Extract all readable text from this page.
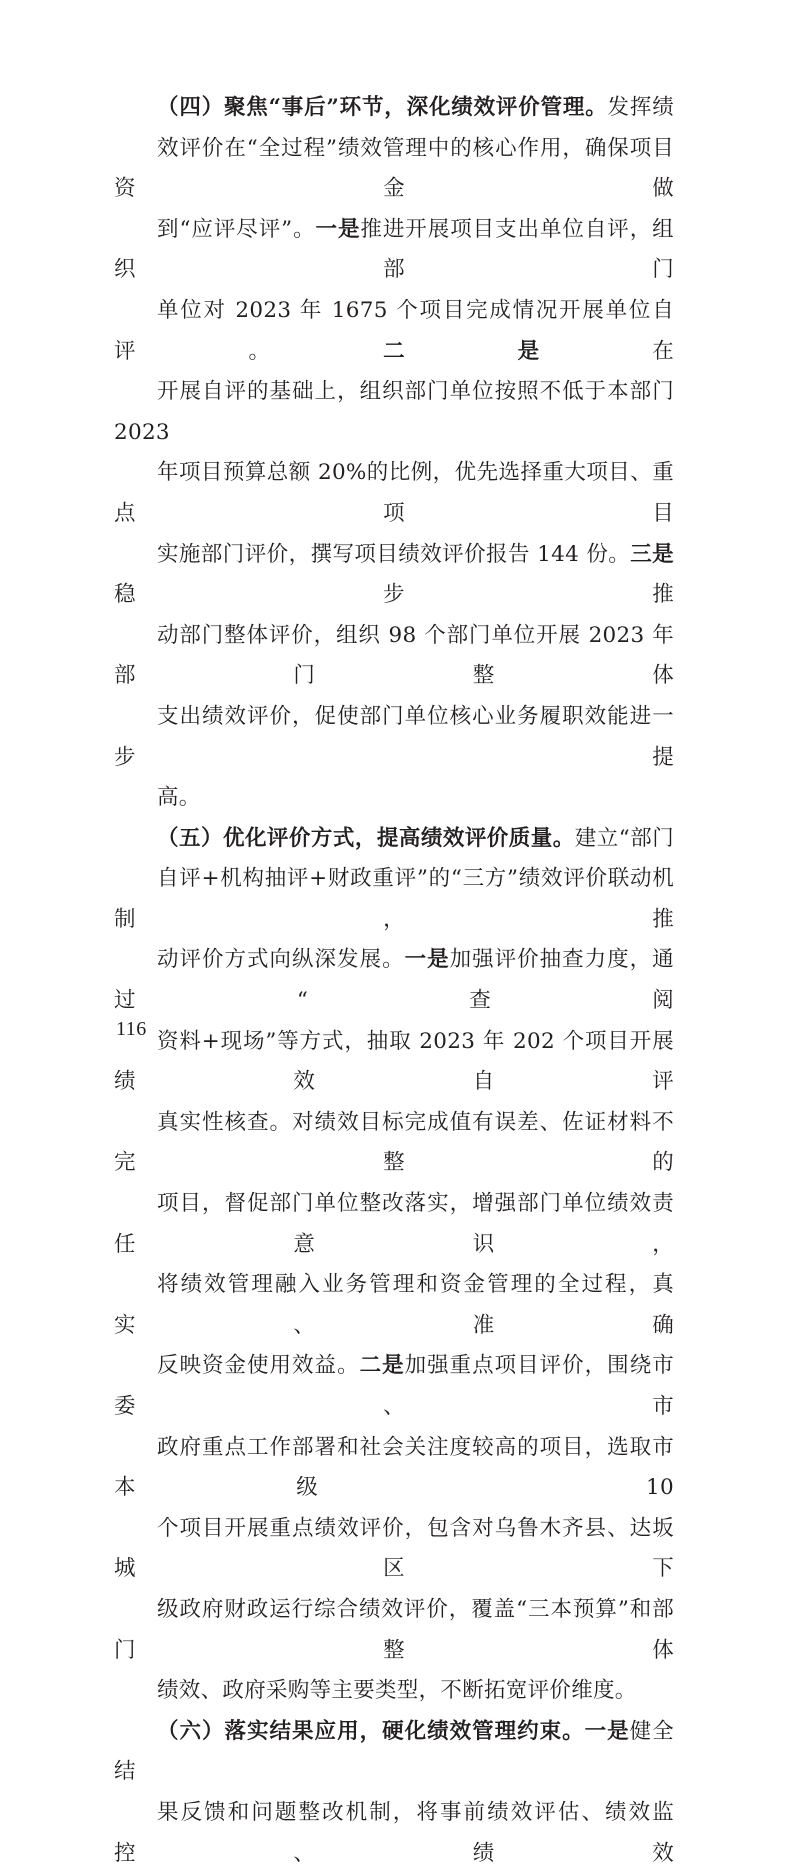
（四）聚焦“事后”环节，深化绩效评价管理。发挥绩
效评价在“全过程”绩效管理中的核心作用，确保项目资金做
到“应评尽评”。一是推进开展项目支出单位自评，组织部门
单位对 2023 年 1675 个项目完成情况开展单位自评。二是在
开展自评的基础上，组织部门单位按照不低于本部门 2023
年项目预算总额 20%的比例，优先选择重大项目、重点项目
实施部门评价，撰写项目绩效评价报告 144 份。三是稳步推
动部门整体评价，组织 98 个部门单位开展 2023 年部门整体
支出绩效评价，促使部门单位核心业务履职效能进一步提
高。
（五）优化评价方式，提高绩效评价质量。建立“部门
自评+机构抽评+财政重评”的“三方”绩效评价联动机制，推
动评价方式向纵深发展。一是加强评价抽查力度，通过“查阅
资料+现场”等方式，抽取 2023 年 202 个项目开展绩效自评
真实性核查。对绩效目标完成值有误差、佐证材料不完整的
项目，督促部门单位整改落实，增强部门单位绩效责任意识，
将绩效管理融入业务管理和资金管理的全过程，真实、准确
反映资金使用效益。二是加强重点项目评价，围绕市委、市
政府重点工作部署和社会关注度较高的项目，选取市本级 10
个项目开展重点绩效评价，包含对乌鲁木齐县、达坂城区下
级政府财政运行综合绩效评价，覆盖“三本预算”和部门整体
绩效、政府采购等主要类型，不断拓宽评价维度。
（六）落实结果应用，硬化绩效管理约束。一是健全结
果反馈和问题整改机制，将事前绩效评估、绩效监控、绩效
116
